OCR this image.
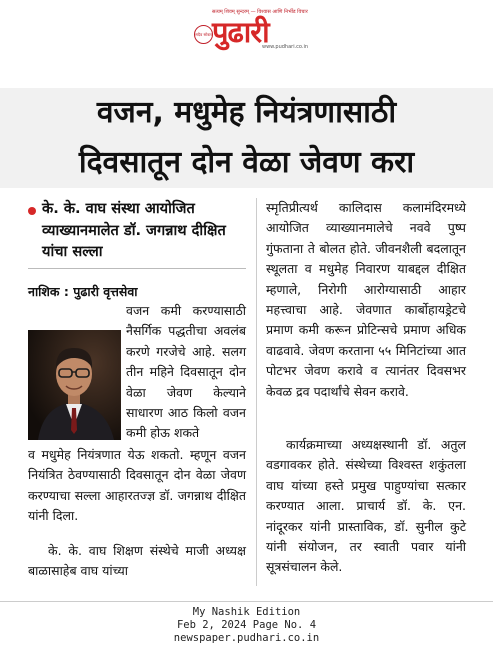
सत्यम् शिवम् सुन्दरम् — विश्वास आणि निर्भीड विचार
सदैव सोबत पुढारी
www.pudhari.co.in
वजन, मधुमेह नियंत्रणासाठी
दिवसातून दोन वेळा जेवण करा
के. के. वाघ संस्था आयोजित व्याख्यानमालेत डॉ. जगन्नाथ दीक्षित यांचा सल्ला
नाशिक : पुढारी वृत्तसेवा
वजन कमी करण्यासाठी नैसर्गिक पद्धतीचा अवलंब करणे गरजेचे आहे. सलग तीन महिने दिवसातून दोन वेळा जेवण केल्याने साधारण आठ किलो वजन कमी होऊ शकते
व मधुमेह नियंत्रणात येऊ शकतो. म्हणून वजन नियंत्रित ठेवण्यासाठी दिवसातून दोन वेळा जेवण करण्याचा सल्ला आहारतज्ज्ञ डॉ. जगन्नाथ दीक्षित यांनी दिला.
के. के. वाघ शिक्षण संस्थेचे माजी अध्यक्ष बाळासाहेब वाघ यांच्या
स्मृतिप्रीत्यर्थ कालिदास कलामंदिरमध्ये आयोजित व्याख्यानमालेचे नववे पुष्प गुंफताना ते बोलत होते. जीवनशैली बदलातून स्थूलता व मधुमेह निवारण याबद्दल दीक्षित म्हणाले, निरोगी आरोग्यासाठी आहार महत्त्वाचा आहे. जेवणात कार्बोहायड्रेटचे प्रमाण कमी करून प्रोटिन्सचे प्रमाण अधिक वाढवावे. जेवण करताना ५५ मिनिटांच्या आत पोटभर जेवण करावे व त्यानंतर दिवसभर केवळ द्रव पदार्थांचे सेवन करावे.
कार्यक्रमाच्या अध्यक्षस्थानी डॉ. अतुल वडगावकर होते. संस्थेच्या विश्वस्त शकुंतला वाघ यांच्या हस्ते प्रमुख पाहुण्यांचा सत्कार करण्यात आला. प्राचार्य डॉ. के. एन. नांदूरकर यांनी प्रास्ताविक, डॉ. सुनील कुटे यांनी संयोजन, तर स्वाती पवार यांनी सूत्रसंचालन केले.
My Nashik Edition
Feb 2, 2024 Page No. 4
newspaper.pudhari.co.in
